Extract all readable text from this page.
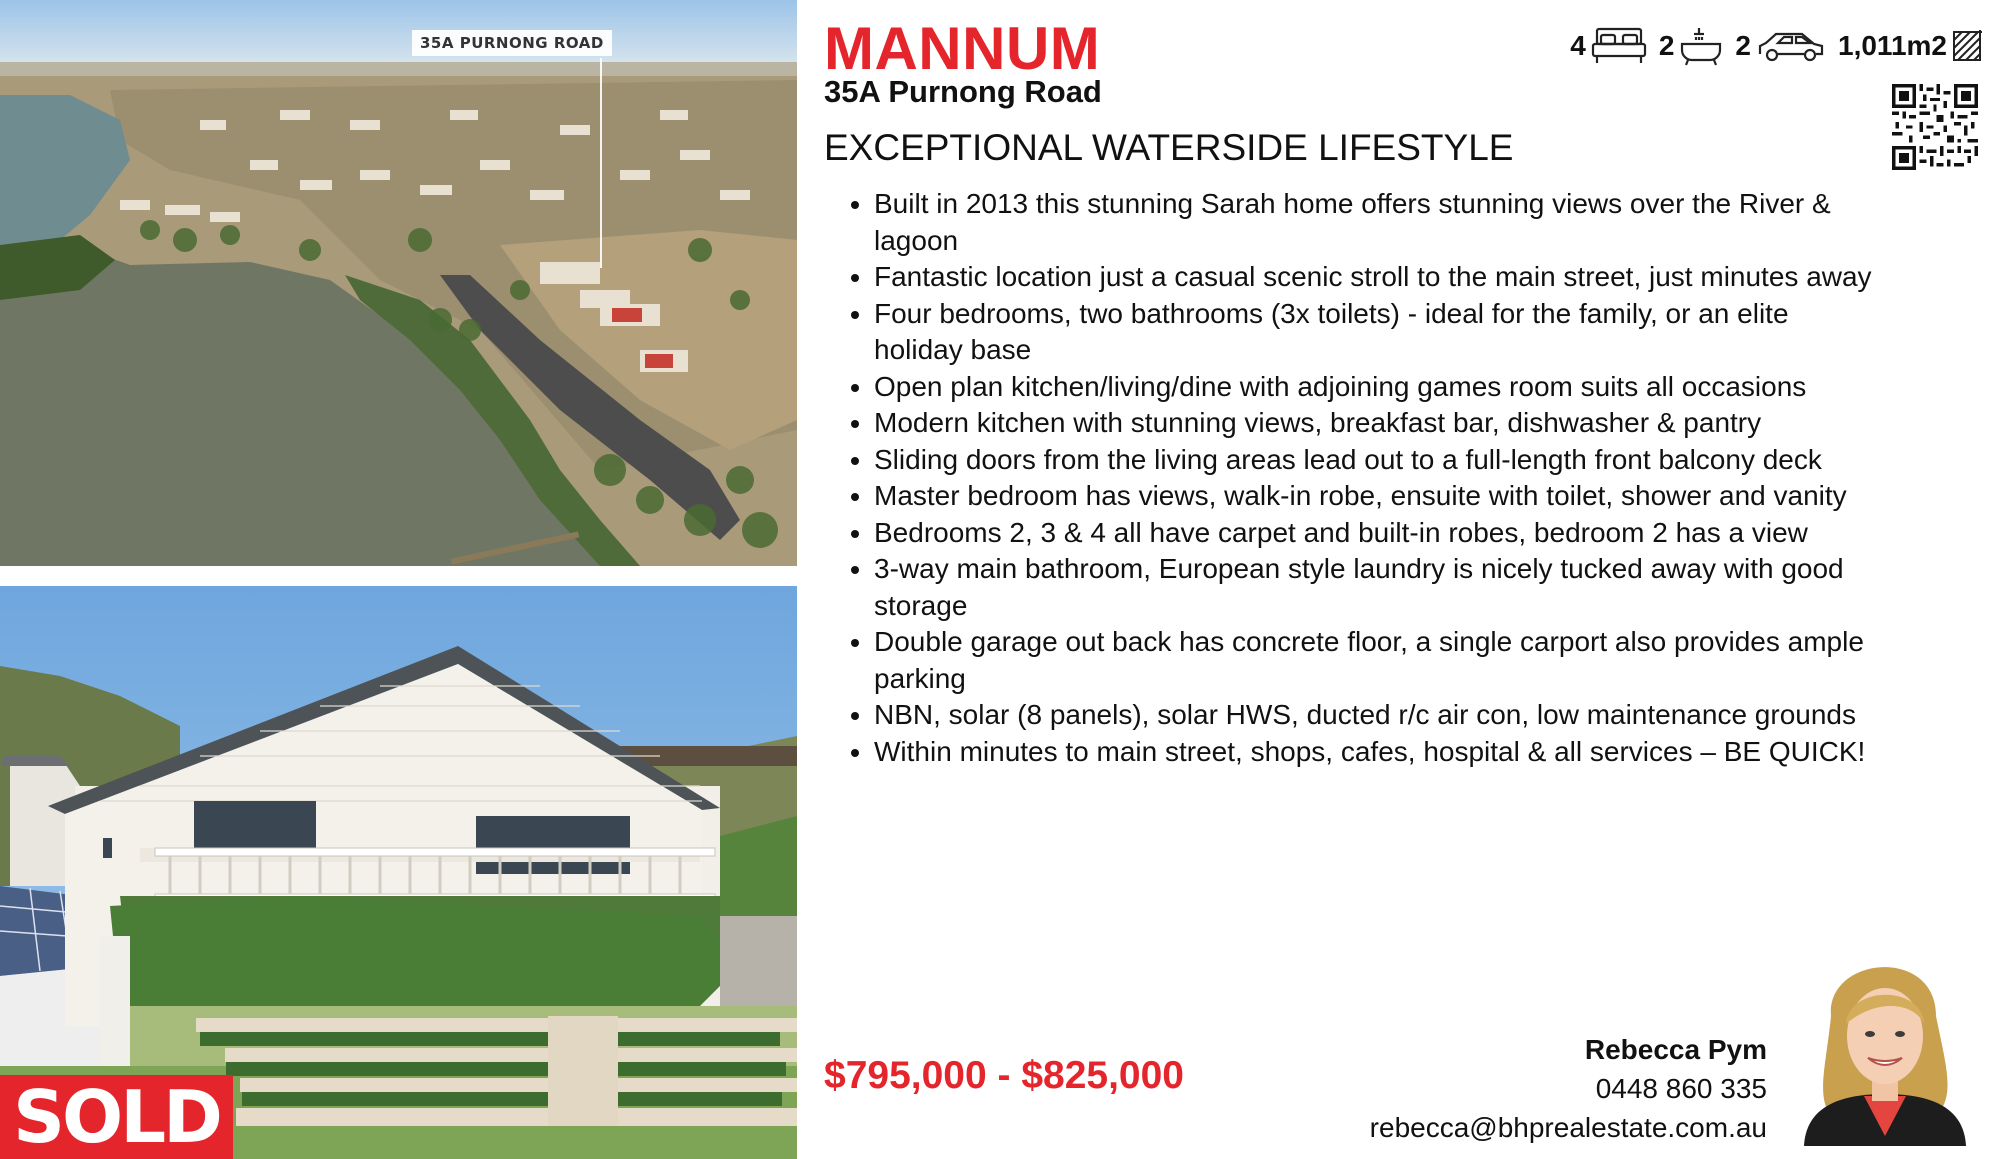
35A PURNONG ROAD
SOLD
MANNUM
35A Purnong Road
EXCEPTIONAL WATERSIDE LIFESTYLE
4	2 2	1,011m2
• Built in 2013 this stunning Sarah home offers stunning views over the River & lagoon
• Fantastic location just a casual scenic stroll to the main street, just minutes away
• Four bedrooms, two bathrooms (3x toilets) - ideal for the family, or an elite holiday base
• Open plan kitchen/living/dine with adjoining games room suits all occasions
• Modern kitchen with stunning views, breakfast bar, dishwasher & pantry
• Sliding doors from the living areas lead out to a full-length front balcony deck
• Master bedroom has views, walk-in robe, ensuite with toilet, shower and vanity
• Bedrooms 2, 3 & 4 all have carpet and built-in robes, bedroom 2 has a view
• 3-way main bathroom, European style laundry is nicely tucked away with good storage
• Double garage out back has concrete floor, a single carport also provides ample parking
• NBN, solar (8 panels), solar HWS, ducted r/c air con, low maintenance grounds
• Within minutes to main street, shops, cafes, hospital & all services – BE QUICK!
$795,000 - $825,000
Rebecca Pym
0448 860 335
rebecca@bhprealestate.com.au
